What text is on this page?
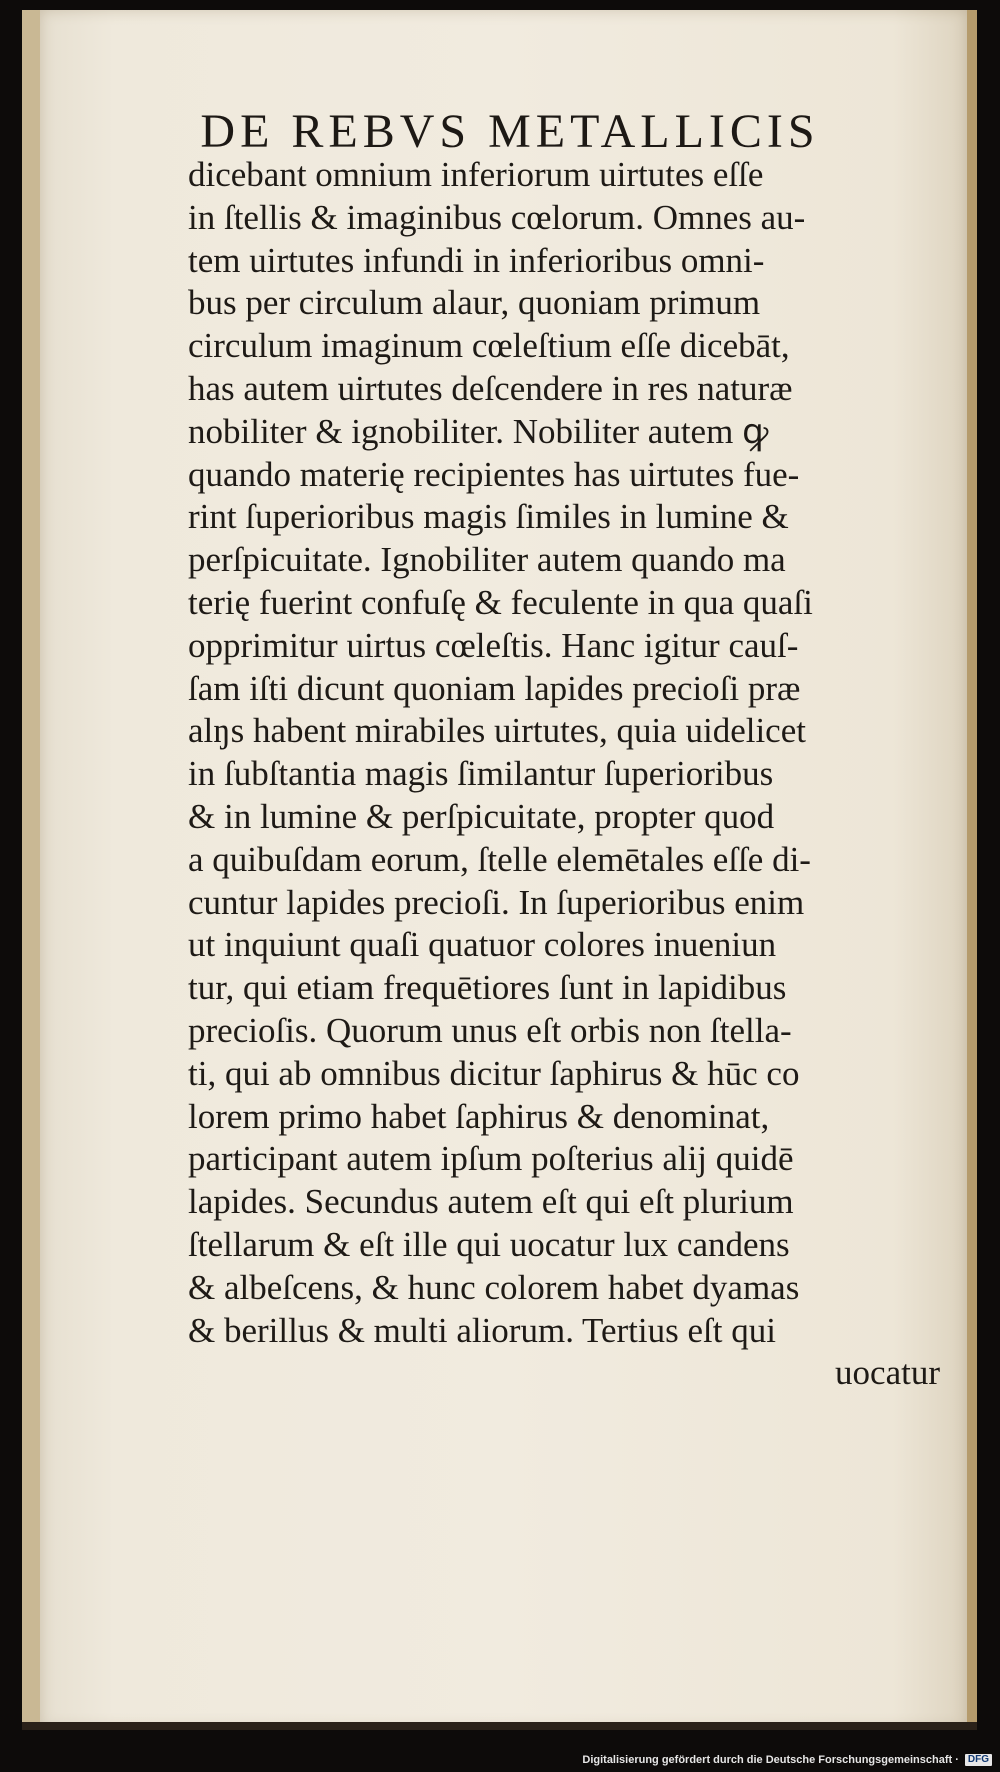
DE REBVS METALLICIS
dicebant omnium inferiorum uirtutes eſſe
in ſtellis & imaginibus cœlorum. Omnes au-
tem uirtutes infundi in inferioribus omni-
bus per circulum alaur, quoniam primum
circulum imaginum cœleſtium eſſe dicebāt,
has autem uirtutes deſcendere in res naturæ
nobiliter & ignobiliter. Nobiliter autem ꝙ
quando materię recipientes has uirtutes fue-
rint ſuperioribus magis ſimiles in lumine &
perſpicuitate. Ignobiliter autem quando ma
terię fuerint confuſę & feculente in qua quaſi
opprimitur uirtus cœleſtis. Hanc igitur cauſ-
ſam iſti dicunt quoniam lapides precioſi præ
alŋs habent mirabiles uirtutes, quia uidelicet
in ſubſtantia magis ſimilantur ſuperioribus
& in lumine & perſpicuitate, propter quod
a quibuſdam eorum, ſtelle elemētales eſſe di-
cuntur lapides precioſi. In ſuperioribus enim
ut inquiunt quaſi quatuor colores inueniun
tur, qui etiam frequētiores ſunt in lapidibus
precioſis. Quorum unus eſt orbis non ſtella-
ti, qui ab omnibus dicitur ſaphirus & hūc co
lorem primo habet ſaphirus & denominat,
participant autem ipſum poſterius alij quidē
lapides. Secundus autem eſt qui eſt plurium
ſtellarum & eſt ille qui uocatur lux candens
& albeſcens, & hunc colorem habet dyamas
& berillus & multi aliorum. Tertius eſt qui
uocatur
Digitalisierung gefördert durch die Deutsche Forschungsgemeinschaft · DFG
